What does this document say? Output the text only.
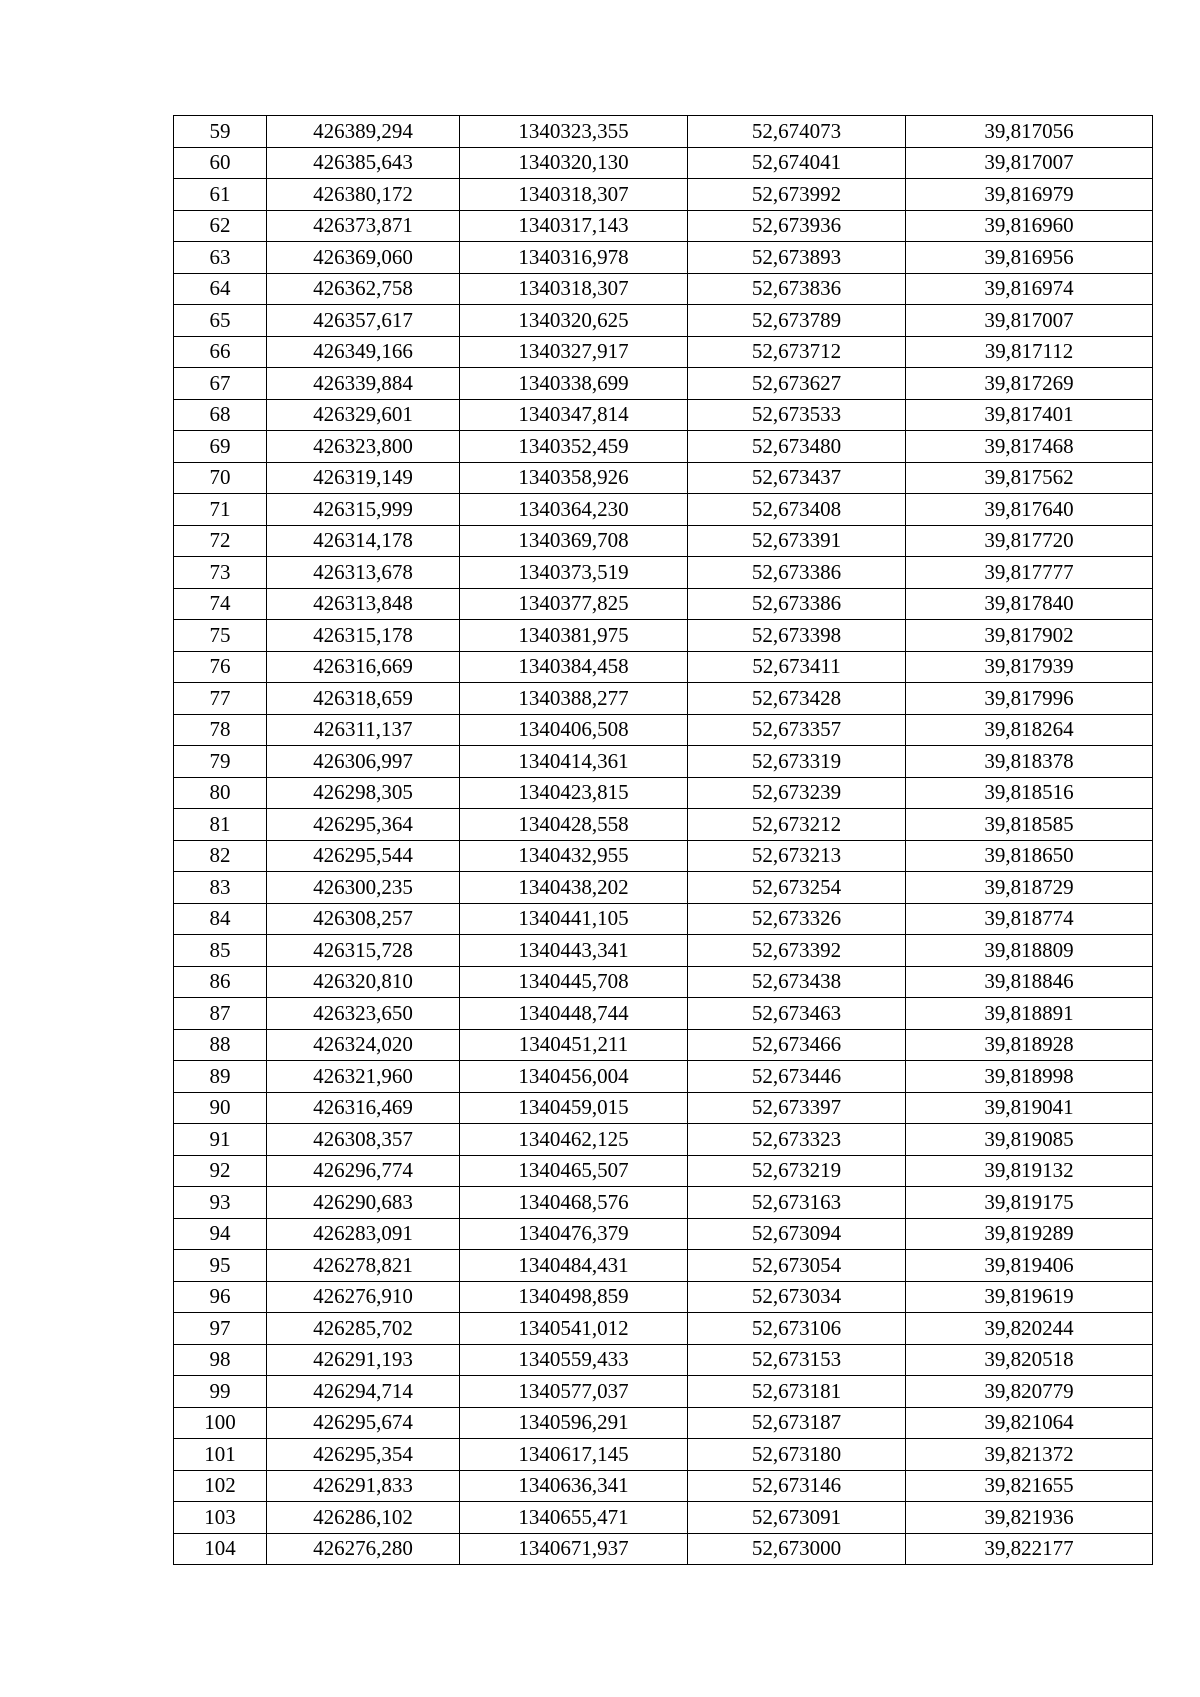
59	426389,294	1340323,355	52,674073	39,817056
60	426385,643	1340320,130	52,674041	39,817007
61	426380,172	1340318,307	52,673992	39,816979
62	426373,871	1340317,143	52,673936	39,816960
63	426369,060	1340316,978	52,673893	39,816956
64	426362,758	1340318,307	52,673836	39,816974
65	426357,617	1340320,625	52,673789	39,817007
66	426349,166	1340327,917	52,673712	39,817112
67	426339,884	1340338,699	52,673627	39,817269
68	426329,601	1340347,814	52,673533	39,817401
69	426323,800	1340352,459	52,673480	39,817468
70	426319,149	1340358,926	52,673437	39,817562
71	426315,999	1340364,230	52,673408	39,817640
72	426314,178	1340369,708	52,673391	39,817720
73	426313,678	1340373,519	52,673386	39,817777
74	426313,848	1340377,825	52,673386	39,817840
75	426315,178	1340381,975	52,673398	39,817902
76	426316,669	1340384,458	52,673411	39,817939
77	426318,659	1340388,277	52,673428	39,817996
78	426311,137	1340406,508	52,673357	39,818264
79	426306,997	1340414,361	52,673319	39,818378
80	426298,305	1340423,815	52,673239	39,818516
81	426295,364	1340428,558	52,673212	39,818585
82	426295,544	1340432,955	52,673213	39,818650
83	426300,235	1340438,202	52,673254	39,818729
84	426308,257	1340441,105	52,673326	39,818774
85	426315,728	1340443,341	52,673392	39,818809
86	426320,810	1340445,708	52,673438	39,818846
87	426323,650	1340448,744	52,673463	39,818891
88	426324,020	1340451,211	52,673466	39,818928
89	426321,960	1340456,004	52,673446	39,818998
90	426316,469	1340459,015	52,673397	39,819041
91	426308,357	1340462,125	52,673323	39,819085
92	426296,774	1340465,507	52,673219	39,819132
93	426290,683	1340468,576	52,673163	39,819175
94	426283,091	1340476,379	52,673094	39,819289
95	426278,821	1340484,431	52,673054	39,819406
96	426276,910	1340498,859	52,673034	39,819619
97	426285,702	1340541,012	52,673106	39,820244
98	426291,193	1340559,433	52,673153	39,820518
99	426294,714	1340577,037	52,673181	39,820779
100	426295,674	1340596,291	52,673187	39,821064
101	426295,354	1340617,145	52,673180	39,821372
102	426291,833	1340636,341	52,673146	39,821655
103	426286,102	1340655,471	52,673091	39,821936
104	426276,280	1340671,937	52,673000	39,822177
